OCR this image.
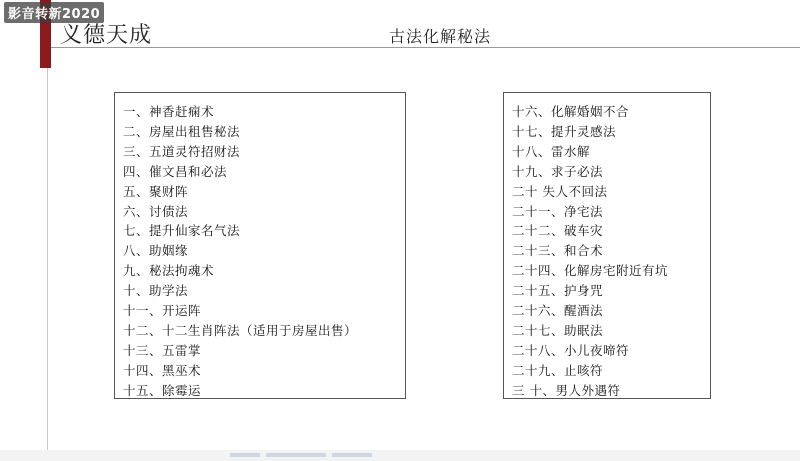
影音转新2020
义德天成	古法化解秘法
一、神香赶痫术
二、房屋出租售秘法
三、五道灵符招财法
四、催文昌和必法
五、聚财阵
六、讨债法
七、提升仙家名气法
八、助姻缘
九、秘法拘魂术
十、助学法
十一、开运阵
十二、十二生肖阵法（适用于房屋出售）
十三、五雷掌
十四、黑巫术
十五、除霉运
十六、化解婚姻不合
十七、提升灵感法
十八、雷水解
十九、求子必法
二十 失人不回法
二十一、净宅法
二十二、破车灾
二十三、和合术
二十四、化解房宅附近有坑
二十五、护身咒
二十六、醒酒法
二十七、助眠法
二十八、小儿夜啼符
二十九、止咳符
三 十、男人外遇符
